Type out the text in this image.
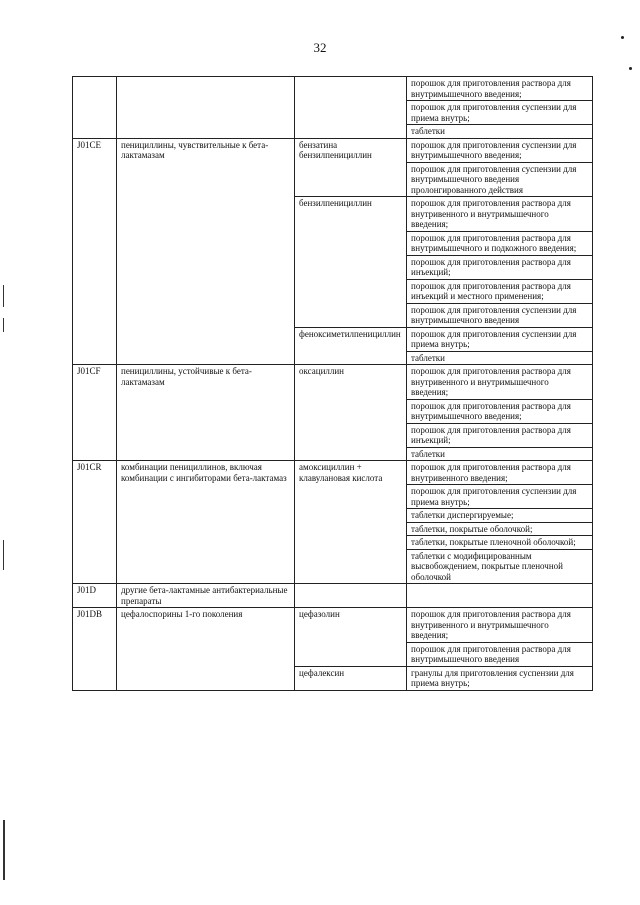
32
			порошок для приготовления раствора для внутримышечного введения;
			порошок для приготовления суспензии для приема внутрь;
			таблетки
J01CE	пенициллины, чувствительные к бета-лактамазам	бензатина бензилпенициллин	порошок для приготовления суспензии для внутримышечного введения;
			порошок для приготовления суспензии для внутримышечного введения пролонгированного действия
		бензилпенициллин	порошок для приготовления раствора для внутривенного и внутримышечного введения;
			порошок для приготовления раствора для внутримышечного и подкожного введения;
			порошок для приготовления раствора для инъекций;
			порошок для приготовления раствора для инъекций и местного применения;
			порошок для приготовления суспензии для внутримышечного введения
		феноксиметилпенициллин	порошок для приготовления суспензии для приема внутрь;
			таблетки
J01CF	пенициллины, устойчивые к бета-лактамазам	оксациллин	порошок для приготовления раствора для внутривенного и внутримышечного введения;
			порошок для приготовления раствора для внутримышечного введения;
			порошок для приготовления раствора для инъекций;
			таблетки
J01CR	комбинации пенициллинов, включая комбинации с ингибиторами бета-лактамаз	амоксициллин + клавулановая кислота	порошок для приготовления раствора для внутривенного введения;
			порошок для приготовления суспензии для приема внутрь;
			таблетки диспергируемые;
			таблетки, покрытые оболочкой;
			таблетки, покрытые пленочной оболочкой;
			таблетки с модифицированным высвобождением, покрытые пленочной оболочкой
J01D	другие бета-лактамные антибактериальные препараты		
J01DB	цефалоспорины 1-го поколения	цефазолин	порошок для приготовления раствора для внутривенного и внутримышечного введения;
			порошок для приготовления раствора для внутримышечного введения
		цефалексин	гранулы для приготовления суспензии для приема внутрь;
